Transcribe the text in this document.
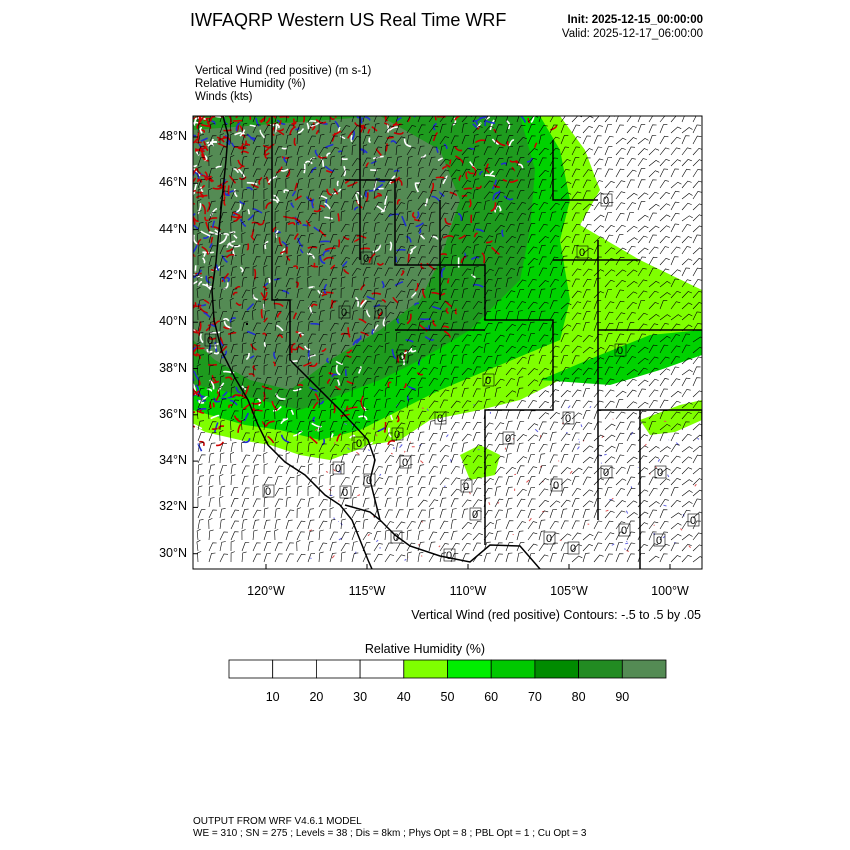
IWFAQRP Western US Real Time WRF	Init: 2025-12-15_00:00:00
Valid: 2025-12-17_06:00:00
Vertical Wind (red positive) (m s-1)
Relative Humidity (%)
Winds (kts)
0
0
0
0
0
0
0	0
0	0	0
0	0
0
0
0
0
0
0
0
0
0
0	0
0
0
0
0
0
0
0
48°N
46°N
44°N
42°N
40°N
38°N
36°N
34°N
32°N
30°N
120°W	115°W	110°W	105°W	100°W
Vertical Wind (red positive) Contours: -.5 to .5 by .05
Relative Humidity (%)
10	20	30	40	50	60	70	80	90
OUTPUT FROM WRF V4.6.1 MODEL
WE = 310 ; SN = 275 ; Levels = 38 ; Dis = 8km ; Phys Opt = 8 ; PBL Opt = 1 ; Cu Opt = 3
